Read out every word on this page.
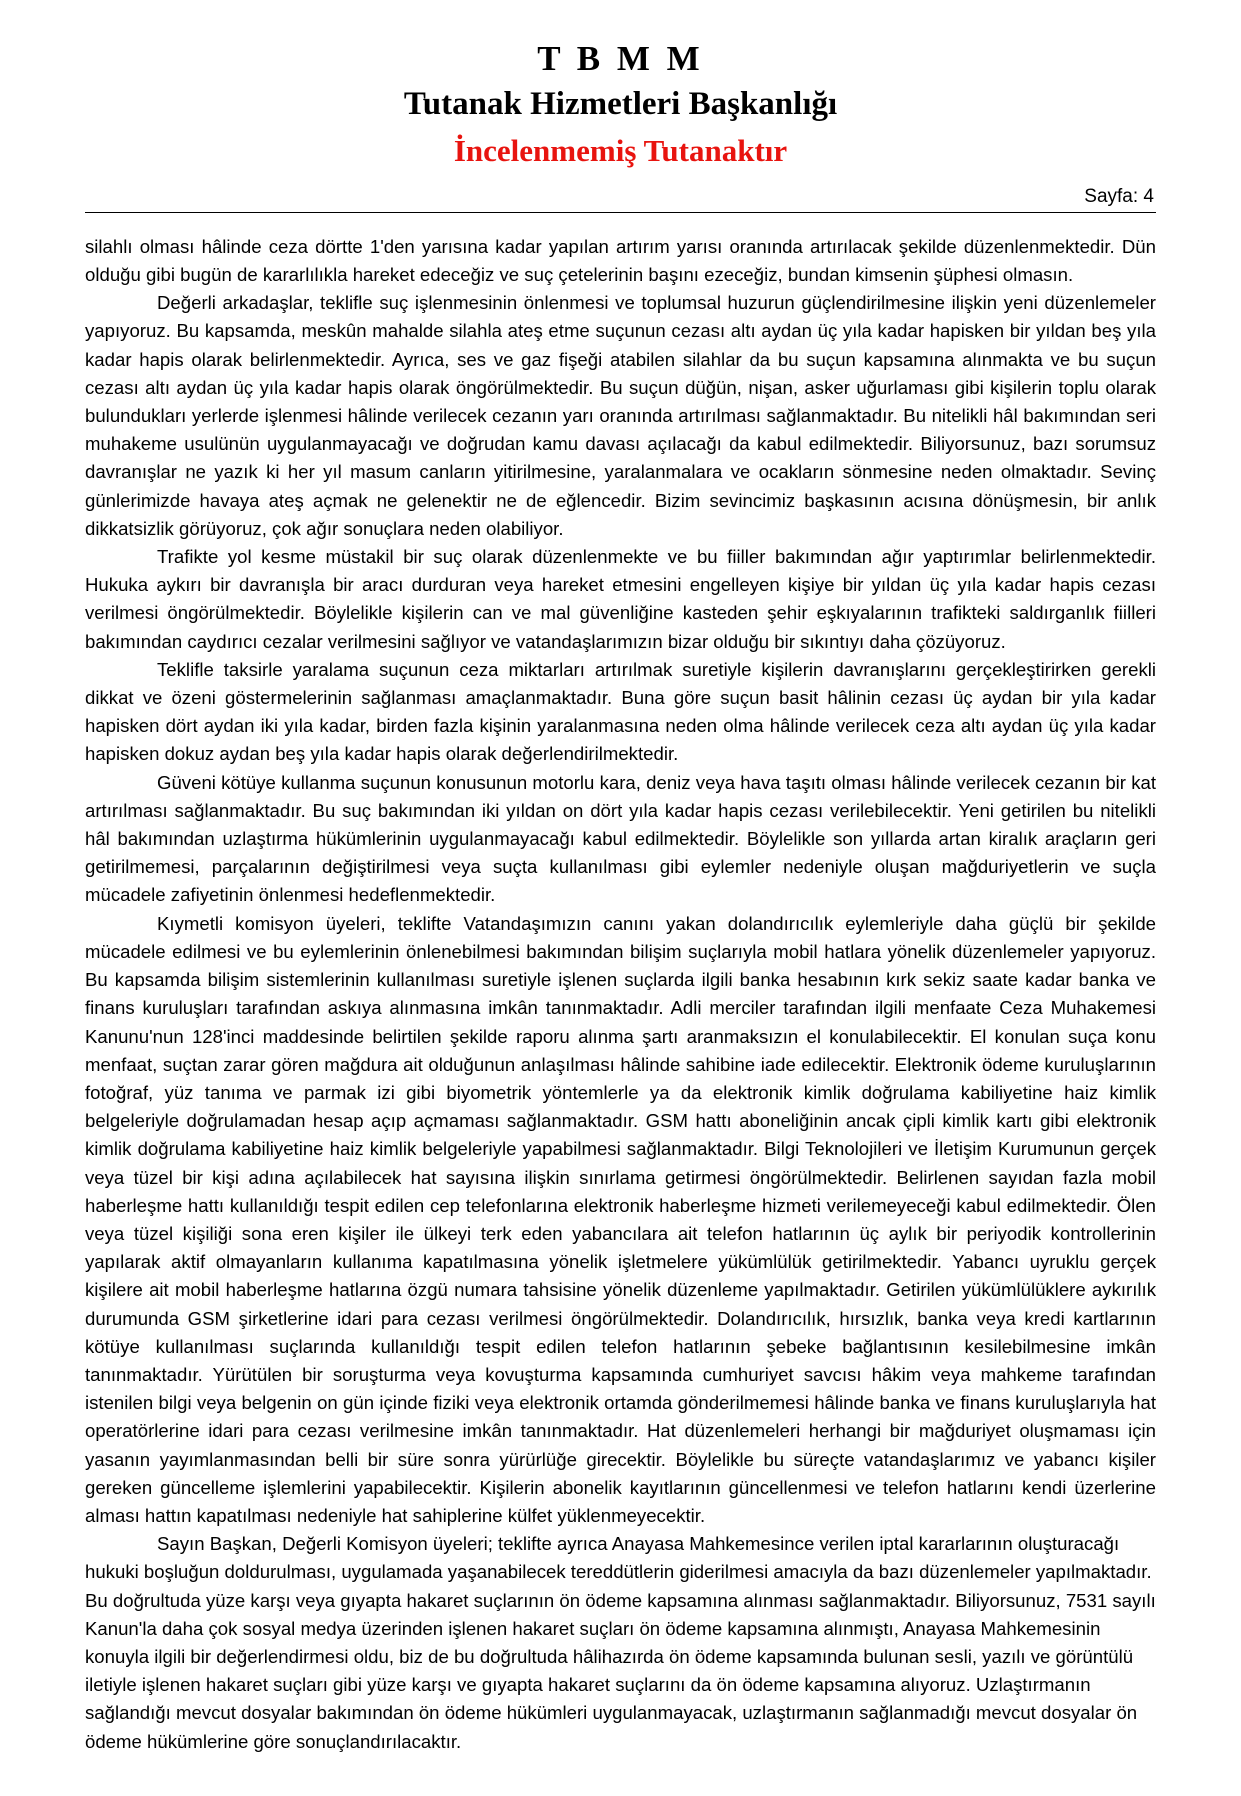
T B M M
Tutanak Hizmetleri Başkanlığı
İncelenmemiş Tutanaktır
Sayfa: 4

silahlı olması hâlinde ceza dörtte 1'den yarısına kadar yapılan artırım yarısı oranında artırılacak şekilde düzenlenmektedir. Dün olduğu gibi bugün de kararlılıkla hareket edeceğiz ve suç çetelerinin başını ezeceğiz, bundan kimsenin şüphesi olmasın.

Değerli arkadaşlar, teklifle suç işlenmesinin önlenmesi ve toplumsal huzurun güçlendirilmesine ilişkin yeni düzenlemeler yapıyoruz. Bu kapsamda, meskûn mahalde silahla ateş etme suçunun cezası altı aydan üç yıla kadar hapisken bir yıldan beş yıla kadar hapis olarak belirlenmektedir. Ayrıca, ses ve gaz fişeği atabilen silahlar da bu suçun kapsamına alınmakta ve bu suçun cezası altı aydan üç yıla kadar hapis olarak öngörülmektedir. Bu suçun düğün, nişan, asker uğurlaması gibi kişilerin toplu olarak bulundukları yerlerde işlenmesi hâlinde verilecek cezanın yarı oranında artırılması sağlanmaktadır. Bu nitelikli hâl bakımından seri muhakeme usulünün uygulanmayacağı ve doğrudan kamu davası açılacağı da kabul edilmektedir. Biliyorsunuz, bazı sorumsuz davranışlar ne yazık ki her yıl masum canların yitirilmesine, yaralanmalara ve ocakların sönmesine neden olmaktadır. Sevinç günlerimizde havaya ateş açmak ne gelenektir ne de eğlencedir. Bizim sevincimiz başkasının acısına dönüşmesin, bir anlık dikkatsizlik görüyoruz, çok ağır sonuçlara neden olabiliyor.

Trafikte yol kesme müstakil bir suç olarak düzenlenmekte ve bu fiiller bakımından ağır yaptırımlar belirlenmektedir. Hukuka aykırı bir davranışla bir aracı durduran veya hareket etmesini engelleyen kişiye bir yıldan üç yıla kadar hapis cezası verilmesi öngörülmektedir. Böylelikle kişilerin can ve mal güvenliğine kasteden şehir eşkıyalarının trafikteki saldırganlık fiilleri bakımından caydırıcı cezalar verilmesini sağlıyor ve vatandaşlarımızın bizar olduğu bir sıkıntıyı daha çözüyoruz.

Teklifle taksirle yaralama suçunun ceza miktarları artırılmak suretiyle kişilerin davranışlarını gerçekleştirirken gerekli dikkat ve özeni göstermelerinin sağlanması amaçlanmaktadır. Buna göre suçun basit hâlinin cezası üç aydan bir yıla kadar hapisken dört aydan iki yıla kadar, birden fazla kişinin yaralanmasına neden olma hâlinde verilecek ceza altı aydan üç yıla kadar hapisken dokuz aydan beş yıla kadar hapis olarak değerlendirilmektedir.

Güveni kötüye kullanma suçunun konusunun motorlu kara, deniz veya hava taşıtı olması hâlinde verilecek cezanın bir kat artırılması sağlanmaktadır. Bu suç bakımından iki yıldan on dört yıla kadar hapis cezası verilebilecektir. Yeni getirilen bu nitelikli hâl bakımından uzlaştırma hükümlerinin uygulanmayacağı kabul edilmektedir. Böylelikle son yıllarda artan kiralık araçların geri getirilmemesi, parçalarının değiştirilmesi veya suçta kullanılması gibi eylemler nedeniyle oluşan mağduriyetlerin ve suçla mücadele zafiyetinin önlenmesi hedeflenmektedir.

Kıymetli komisyon üyeleri, teklifte Vatandaşımızın canını yakan dolandırıcılık eylemleriyle daha güçlü bir şekilde mücadele edilmesi ve bu eylemlerinin önlenebilmesi bakımından bilişim suçlarıyla mobil hatlara yönelik düzenlemeler yapıyoruz. Bu kapsamda bilişim sistemlerinin kullanılması suretiyle işlenen suçlarda ilgili banka hesabının kırk sekiz saate kadar banka ve finans kuruluşları tarafından askıya alınmasına imkân tanınmaktadır. Adli merciler tarafından ilgili menfaate Ceza Muhakemesi Kanunu'nun 128'inci maddesinde belirtilen şekilde raporu alınma şartı aranmaksızın el konulabilecektir. El konulan suça konu menfaat, suçtan zarar gören mağdura ait olduğunun anlaşılması hâlinde sahibine iade edilecektir. Elektronik ödeme kuruluşlarının fotoğraf, yüz tanıma ve parmak izi gibi biyometrik yöntemlerle ya da elektronik kimlik doğrulama kabiliyetine haiz kimlik belgeleriyle doğrulamadan hesap açıp açmaması sağlanmaktadır. GSM hattı aboneliğinin ancak çipli kimlik kartı gibi elektronik kimlik doğrulama kabiliyetine haiz kimlik belgeleriyle yapabilmesi sağlanmaktadır. Bilgi Teknolojileri ve İletişim Kurumunun gerçek veya tüzel bir kişi adına açılabilecek hat sayısına ilişkin sınırlama getirmesi öngörülmektedir. Belirlenen sayıdan fazla mobil haberleşme hattı kullanıldığı tespit edilen cep telefonlarına elektronik haberleşme hizmeti verilemeyeceği kabul edilmektedir. Ölen veya tüzel kişiliği sona eren kişiler ile ülkeyi terk eden yabancılara ait telefon hatlarının üç aylık bir periyodik kontrollerinin yapılarak aktif olmayanların kullanıma kapatılmasına yönelik işletmelere yükümlülük getirilmektedir. Yabancı uyruklu gerçek kişilere ait mobil haberleşme hatlarına özgü numara tahsisine yönelik düzenleme yapılmaktadır. Getirilen yükümlülüklere aykırılık durumunda GSM şirketlerine idari para cezası verilmesi öngörülmektedir. Dolandırıcılık, hırsızlık, banka veya kredi kartlarının kötüye kullanılması suçlarında kullanıldığı tespit edilen telefon hatlarının şebeke bağlantısının kesilebilmesine imkân tanınmaktadır. Yürütülen bir soruşturma veya kovuşturma kapsamında cumhuriyet savcısı hâkim veya mahkeme tarafından istenilen bilgi veya belgenin on gün içinde fiziki veya elektronik ortamda gönderilmemesi hâlinde banka ve finans kuruluşlarıyla hat operatörlerine idari para cezası verilmesine imkân tanınmaktadır. Hat düzenlemeleri herhangi bir mağduriyet oluşmaması için yasanın yayımlanmasından belli bir süre sonra yürürlüğe girecektir. Böylelikle bu süreçte vatandaşlarımız ve yabancı kişiler gereken güncelleme işlemlerini yapabilecektir. Kişilerin abonelik kayıtlarının güncellenmesi ve telefon hatlarını kendi üzerlerine alması hattın kapatılması nedeniyle hat sahiplerine külfet yüklenmeyecektir.

Sayın Başkan, Değerli Komisyon üyeleri; teklifte ayrıca Anayasa Mahkemesince verilen iptal kararlarının oluşturacağı hukuki boşluğun doldurulması, uygulamada yaşanabilecek tereddütlerin giderilmesi amacıyla da bazı düzenlemeler yapılmaktadır. Bu doğrultuda yüze karşı veya gıyapta hakaret suçlarının ön ödeme kapsamına alınması sağlanmaktadır. Biliyorsunuz, 7531 sayılı Kanun'la daha çok sosyal medya üzerinden işlenen hakaret suçları ön ödeme kapsamına alınmıştı, Anayasa Mahkemesinin konuyla ilgili bir değerlendirmesi oldu, biz de bu doğrultuda hâlihazırda ön ödeme kapsamında bulunan sesli, yazılı ve görüntülü iletiyle işlenen hakaret suçları gibi yüze karşı ve gıyapta hakaret suçlarını da ön ödeme kapsamına alıyoruz. Uzlaştırmanın sağlandığı mevcut dosyalar bakımından ön ödeme hükümleri uygulanmayacak, uzlaştırmanın sağlanmadığı mevcut dosyalar ön ödeme hükümlerine göre sonuçlandırılacaktır.
